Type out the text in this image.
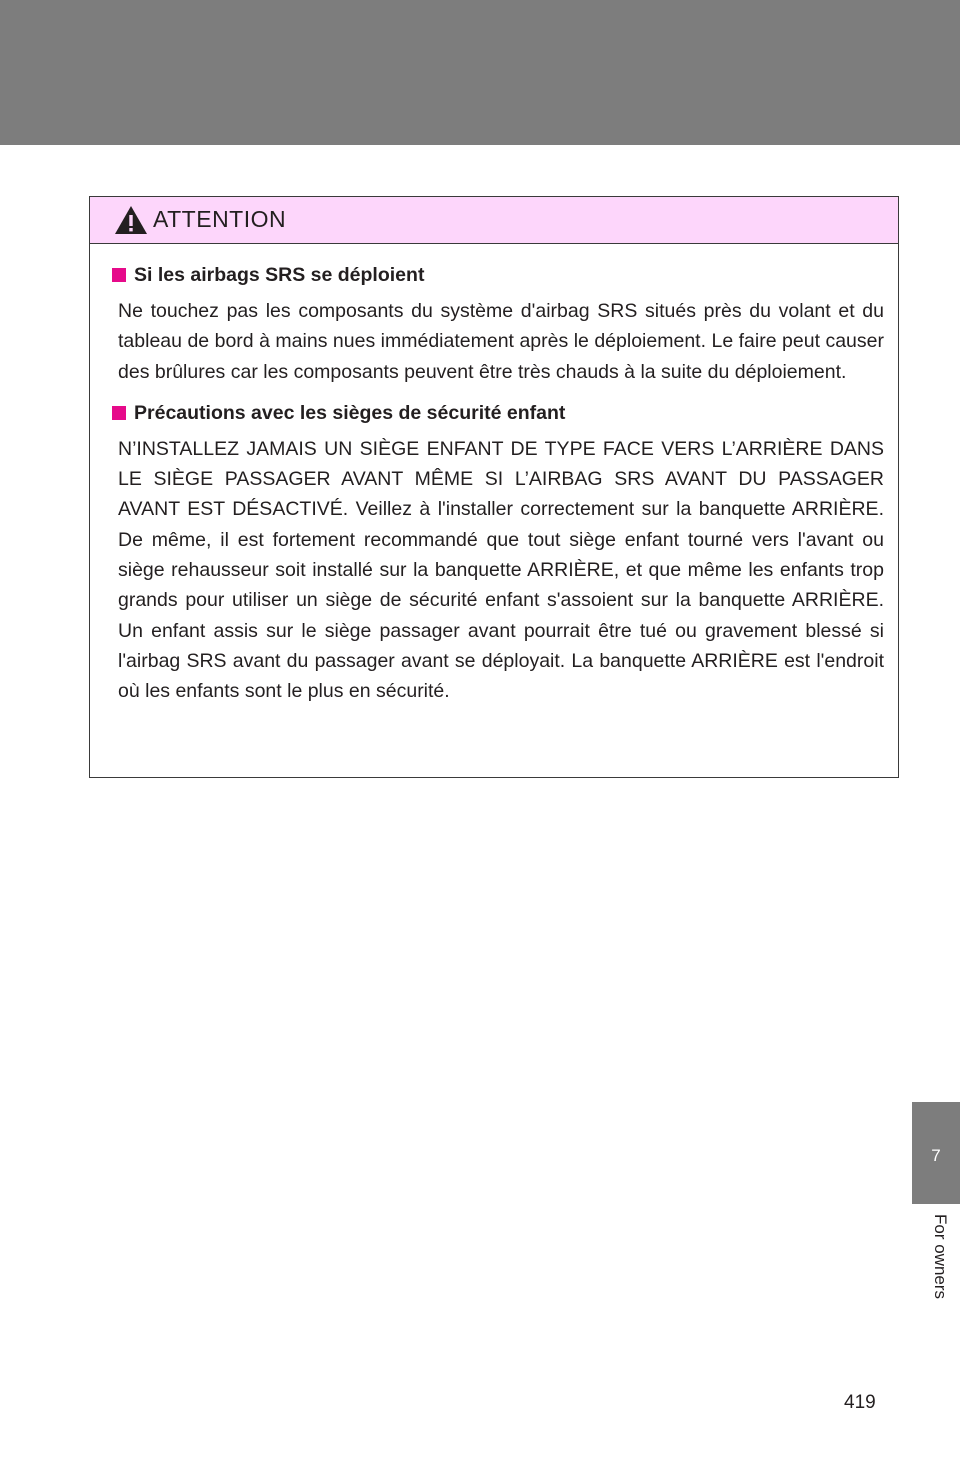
ATTENTION

Si les airbags SRS se déploient

Ne touchez pas les composants du système d'airbag SRS situés près du volant et du tableau de bord à mains nues immédiatement après le déploiement. Le faire peut causer des brûlures car les composants peuvent être très chauds à la suite du déploiement.

Précautions avec les sièges de sécurité enfant

N’INSTALLEZ JAMAIS UN SIÈGE ENFANT DE TYPE FACE VERS L’ARRIÈRE DANS LE SIÈGE PASSAGER AVANT MÊME SI L’AIRBAG SRS AVANT DU PASSAGER AVANT EST DÉSACTIVÉ. Veillez à l'installer correctement sur la banquette ARRIÈRE. De même, il est fortement recommandé que tout siège enfant tourné vers l'avant ou siège rehausseur soit installé sur la banquette ARRIÈRE, et que même les enfants trop grands pour utiliser un siège de sécurité enfant s'assoient sur la banquette ARRIÈRE. Un enfant assis sur le siège passager avant pourrait être tué ou gravement blessé si l'airbag SRS avant du passager avant se déployait. La banquette ARRIÈRE est l'endroit où les enfants sont le plus en sécurité.

7
For owners
419
